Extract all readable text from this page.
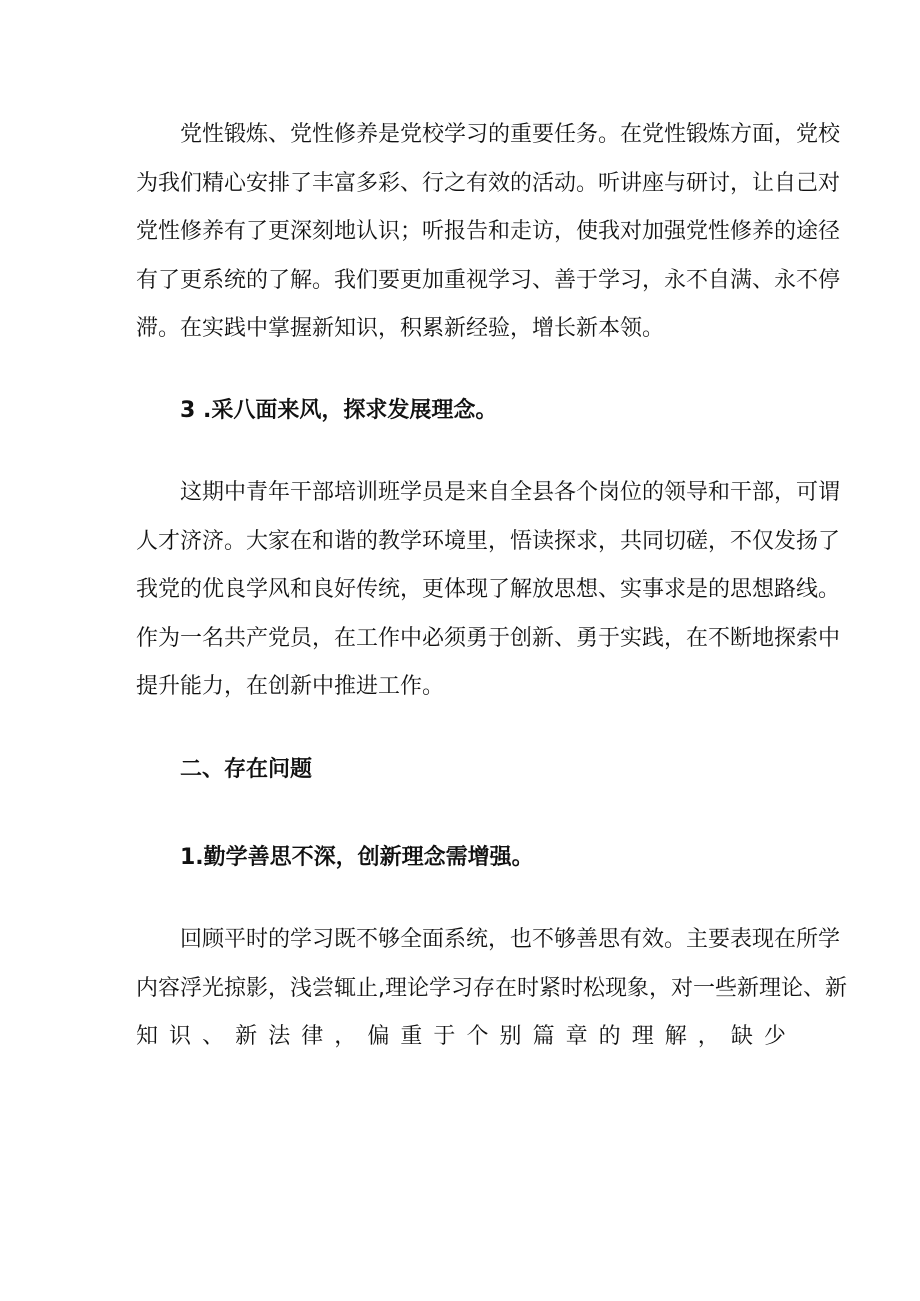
党性锻炼、党性修养是党校学习的重要任务。在党性锻炼方面，党校
为我们精心安排了丰富多彩、行之有效的活动。听讲座与研讨，让自己对
党性修养有了更深刻地认识；听报告和走访，使我对加强党性修养的途径
有了更系统的了解。我们要更加重视学习、善于学习，永不自满、永不停
滞。在实践中掌握新知识，积累新经验，增长新本领。
3 .采八面来风，探求发展理念。
这期中青年干部培训班学员是来自全县各个岗位的领导和干部，可谓
人才济济。大家在和谐的教学环境里，悟读探求，共同切磋，不仅发扬了
我党的优良学风和良好传统，更体现了解放思想、实事求是的思想路线。
作为一名共产党员，在工作中必须勇于创新、勇于实践，在不断地探索中
提升能力，在创新中推进工作。
二、存在问题
1.勤学善思不深，创新理念需增强。
回顾平时的学习既不够全面系统，也不够善思有效。主要表现在所学
内容浮光掠影，浅尝辄止,理论学习存在时紧时松现象，对一些新理论、新
知 识 、 新 法 律 ， 偏 重 于 个 别 篇 章 的 理 解 ， 缺 少
